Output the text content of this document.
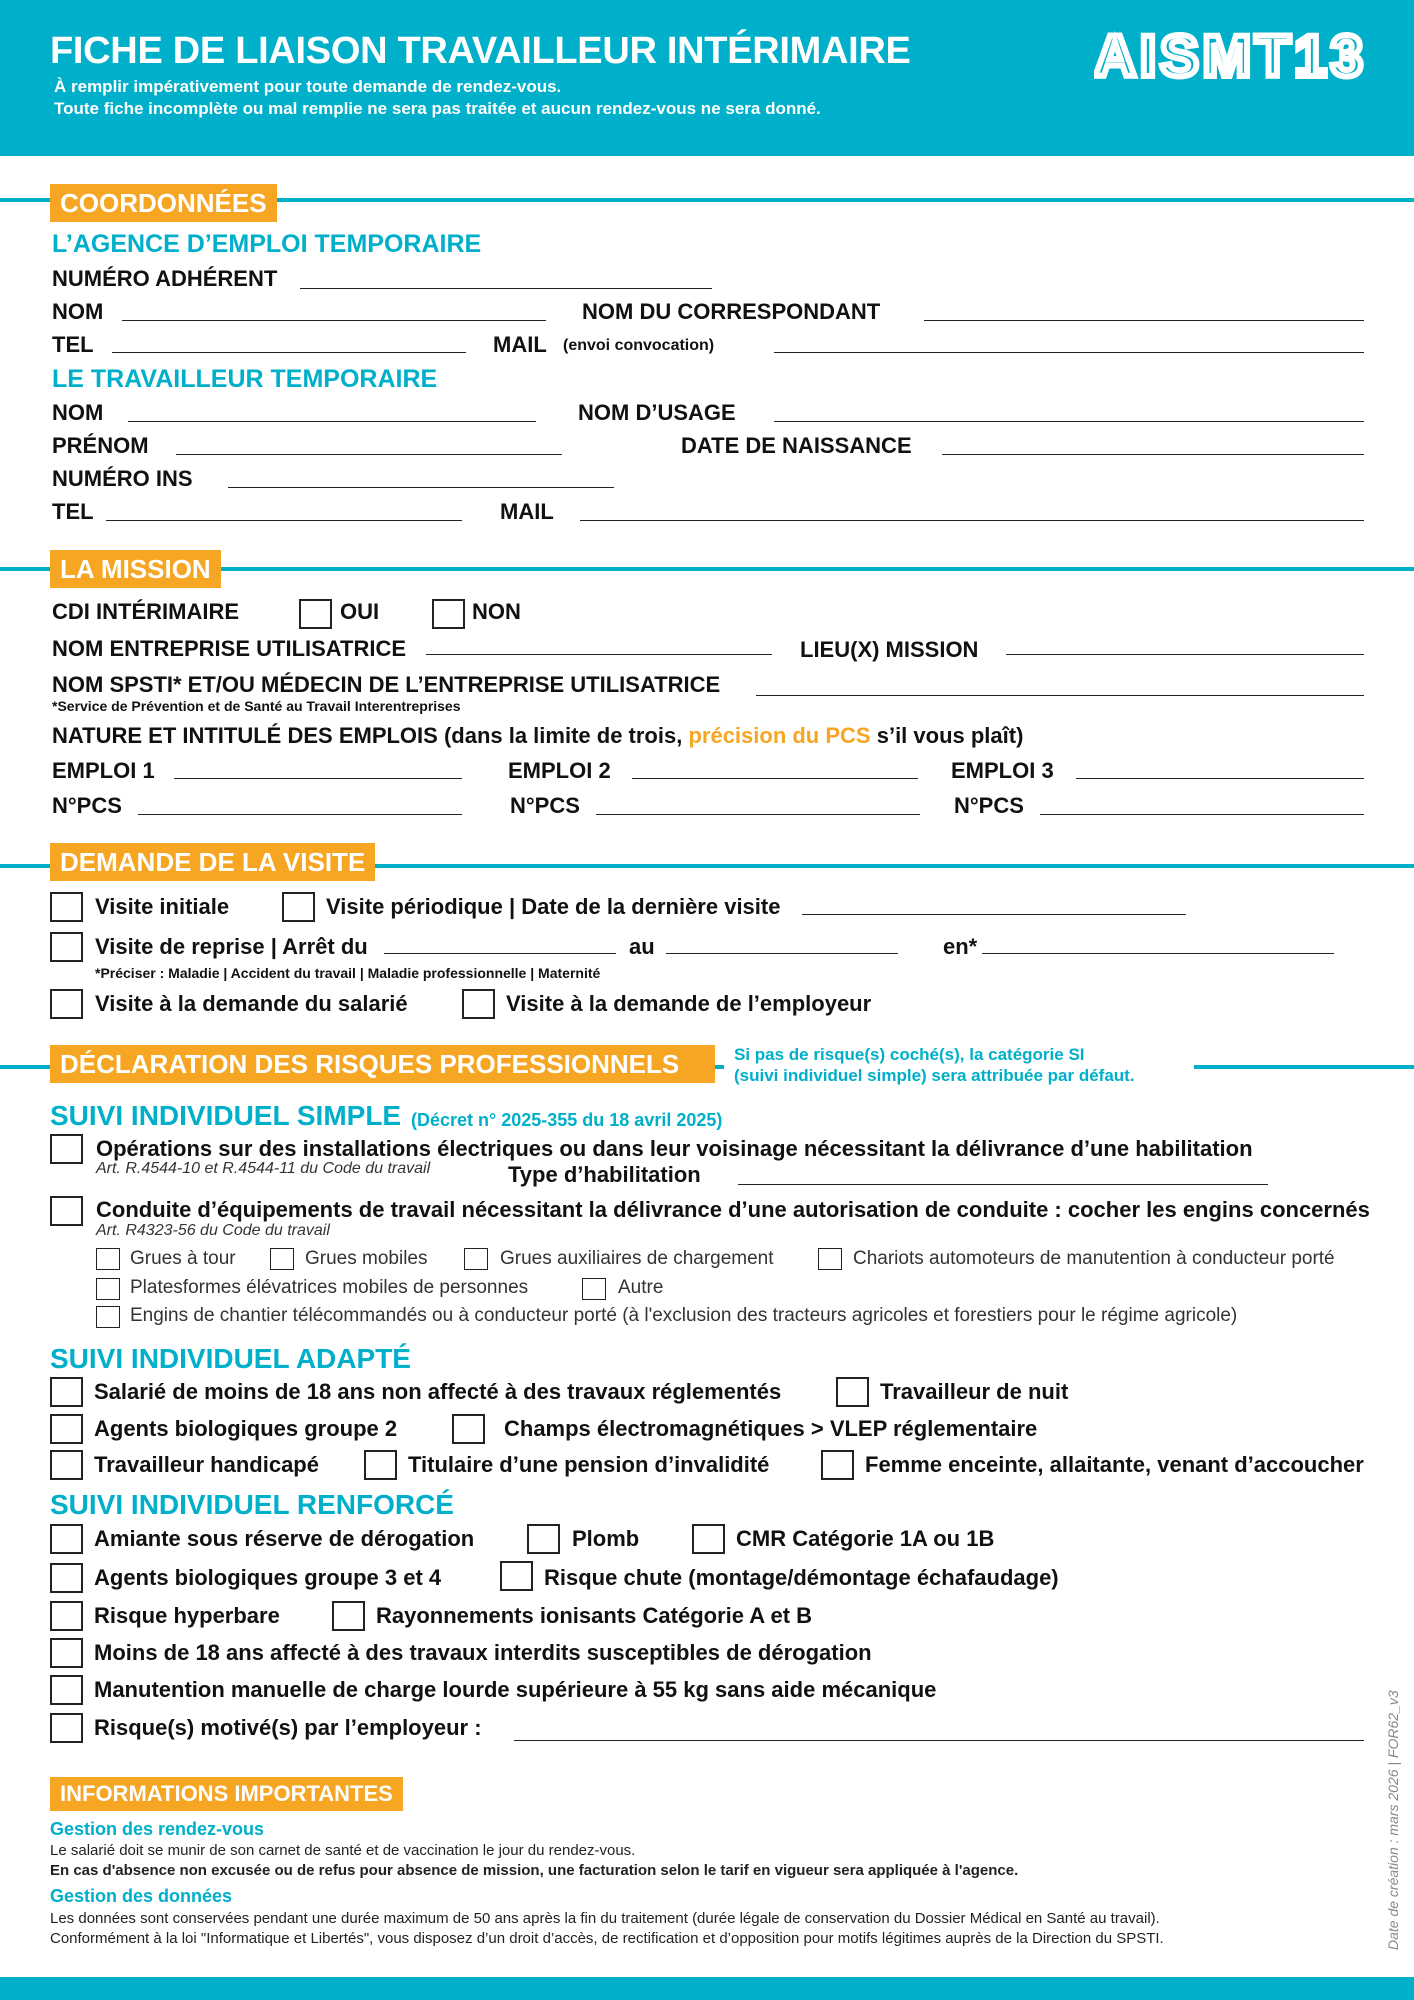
FICHE DE LIAISON TRAVAILLEUR INTÉRIMAIRE
À remplir impérativement pour toute demande de rendez-vous.
Toute fiche incomplète ou mal remplie ne sera pas traitée et aucun rendez-vous ne sera donné.
AISMT13
COORDONNÉES
L’AGENCE D’EMPLOI TEMPORAIRE
NUMÉRO ADHÉRENT
NOM	NOM DU CORRESPONDANT
TEL	MAIL (envoi convocation)
LE TRAVAILLEUR TEMPORAIRE
NOM	NOM D’USAGE
PRÉNOM	DATE DE NAISSANCE
NUMÉRO INS
TEL	MAIL
LA MISSION
CDI INTÉRIMAIRE	OUI	NON
NOM ENTREPRISE UTILISATRICE	LIEU(X) MISSION
NOM SPSTI* ET/OU MÉDECIN DE L’ENTREPRISE UTILISATRICE
*Service de Prévention et de Santé au Travail Interentreprises
NATURE ET INTITULÉ DES EMPLOIS (dans la limite de trois, précision du PCS s’il vous plaît)
EMPLOI 1	EMPLOI 2	EMPLOI 3
N°PCS	N°PCS	N°PCS
DEMANDE DE LA VISITE
Visite initiale	Visite périodique | Date de la dernière visite
Visite de reprise | Arrêt du	au	en*
*Préciser : Maladie | Accident du travail | Maladie professionnelle | Maternité
Visite à la demande du salarié	Visite à la demande de l’employeur
DÉCLARATION DES RISQUES PROFESSIONNELS	Si pas de risque(s) coché(s), la catégorie SI
(suivi individuel simple) sera attribuée par défaut.
SUIVI INDIVIDUEL SIMPLE (Décret n° 2025-355 du 18 avril 2025)
Opérations sur des installations électriques ou dans leur voisinage nécessitant la délivrance d’une habilitation
Art. R.4544-10 et R.4544-11 du Code du travail	Type d’habilitation
Conduite d’équipements de travail nécessitant la délivrance d’une autorisation de conduite : cocher les engins concernés
Art. R4323-56 du Code du travail
Grues à tour	Grues mobiles	Grues auxiliaires de chargement	Chariots automoteurs de manutention à conducteur porté
Platesformes élévatrices mobiles de personnes	Autre
Engins de chantier télécommandés ou à conducteur porté (à l'exclusion des tracteurs agricoles et forestiers pour le régime agricole)
SUIVI INDIVIDUEL ADAPTÉ
Salarié de moins de 18 ans non affecté à des travaux réglementés	Travailleur de nuit
Agents biologiques groupe 2	Champs électromagnétiques > VLEP réglementaire
Travailleur handicapé	Titulaire d’une pension d’invalidité	Femme enceinte, allaitante, venant d’accoucher
SUIVI INDIVIDUEL RENFORCÉ
Amiante sous réserve de dérogation	Plomb	CMR Catégorie 1A ou 1B
Agents biologiques groupe 3 et 4	Risque chute (montage/démontage échafaudage)
Risque hyperbare	Rayonnements ionisants Catégorie A et B
Moins de 18 ans affecté à des travaux interdits susceptibles de dérogation
Manutention manuelle de charge lourde supérieure à 55 kg sans aide mécanique
Risque(s) motivé(s) par l’employeur :
INFORMATIONS IMPORTANTES
Gestion des rendez-vous
Le salarié doit se munir de son carnet de santé et de vaccination le jour du rendez-vous.
En cas d'absence non excusée ou de refus pour absence de mission, une facturation selon le tarif en vigueur sera appliquée à l'agence.
Gestion des données
Les données sont conservées pendant une durée maximum de 50 ans après la fin du traitement (durée légale de conservation du Dossier Médical en Santé au travail).
Conformément à la loi "Informatique et Libertés", vous disposez d’un droit d’accès, de rectification et d’opposition pour motifs légitimes auprès de la Direction du SPSTI.	Date de création : mars 2026 | FOR62_v3
